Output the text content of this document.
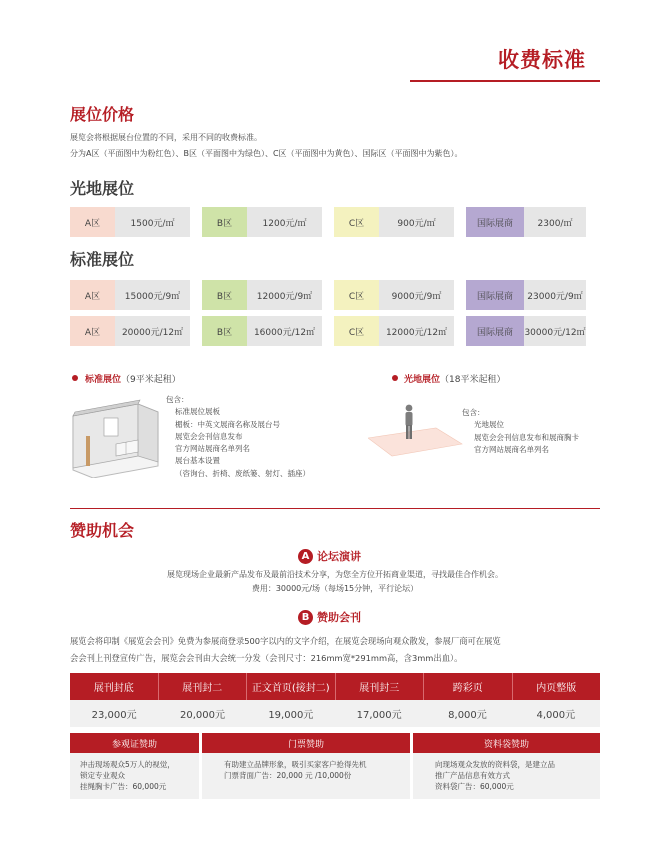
收费标准
展位价格
展览会将根据展台位置的不同，采用不同的收费标准。
分为A区（平面图中为粉红色）、B区（平面图中为绿色）、C区（平面图中为黄色）、国际区（平面图中为紫色）。
光地展位
A区	1500元/㎡	B区	1200元/㎡	C区	900元/㎡	国际展商	2300/㎡
标准展位
A区	15000元/9㎡	B区	12000元/9㎡	C区	9000元/9㎡	国际展商	23000元/9㎡
A区	20000元/12㎡	B区	16000元/12㎡	C区	12000元/12㎡	国际展商	30000元/12㎡
标准展位（9平米起租）
包含：
标准展位展板
楣板：中英文展商名称及展台号
展览会会刊信息发布
官方网站展商名单列名
展台基本设置
（咨询台、折椅、废纸篓、射灯、插座）
光地展位（18平米起租）
包含：
光地展位
展览会会刊信息发布和展商胸卡
官方网站展商名单列名
赞助机会
A 论坛演讲
展览现场企业最新产品发布及最前沿技术分享，为您全方位开拓商业渠道，寻找最佳合作机会。
费用：30000元/场（每场15分钟，平行论坛）
B 赞助会刊
展览会将印制《展览会会刊》免费为参展商登录500字以内的文字介绍，在展览会现场向观众散发，参展厂商可在展览
会会刊上刊登宣传广告，展览会会刊由大会统一分发（会刊尺寸：216mm宽*291mm高，含3mm出血）。
展刊封底	展刊封二	正文首页(接封二)	展刊封三	跨彩页	内页整版
23,000元	20,000元	19,000元	17,000元	8,000元	4,000元
参观证赞助
冲击现场观众5万人的视觉，
锁定专业观众
挂绳胸卡广告：60,000元
门票赞助
有助建立品牌形象，吸引买家客户抢得先机
门票背面广告：20,000 元 /10,000份
资料袋赞助
向现场观众发放的资料袋，是建立品
推广产品信息有效方式
资料袋广告：60,000元
